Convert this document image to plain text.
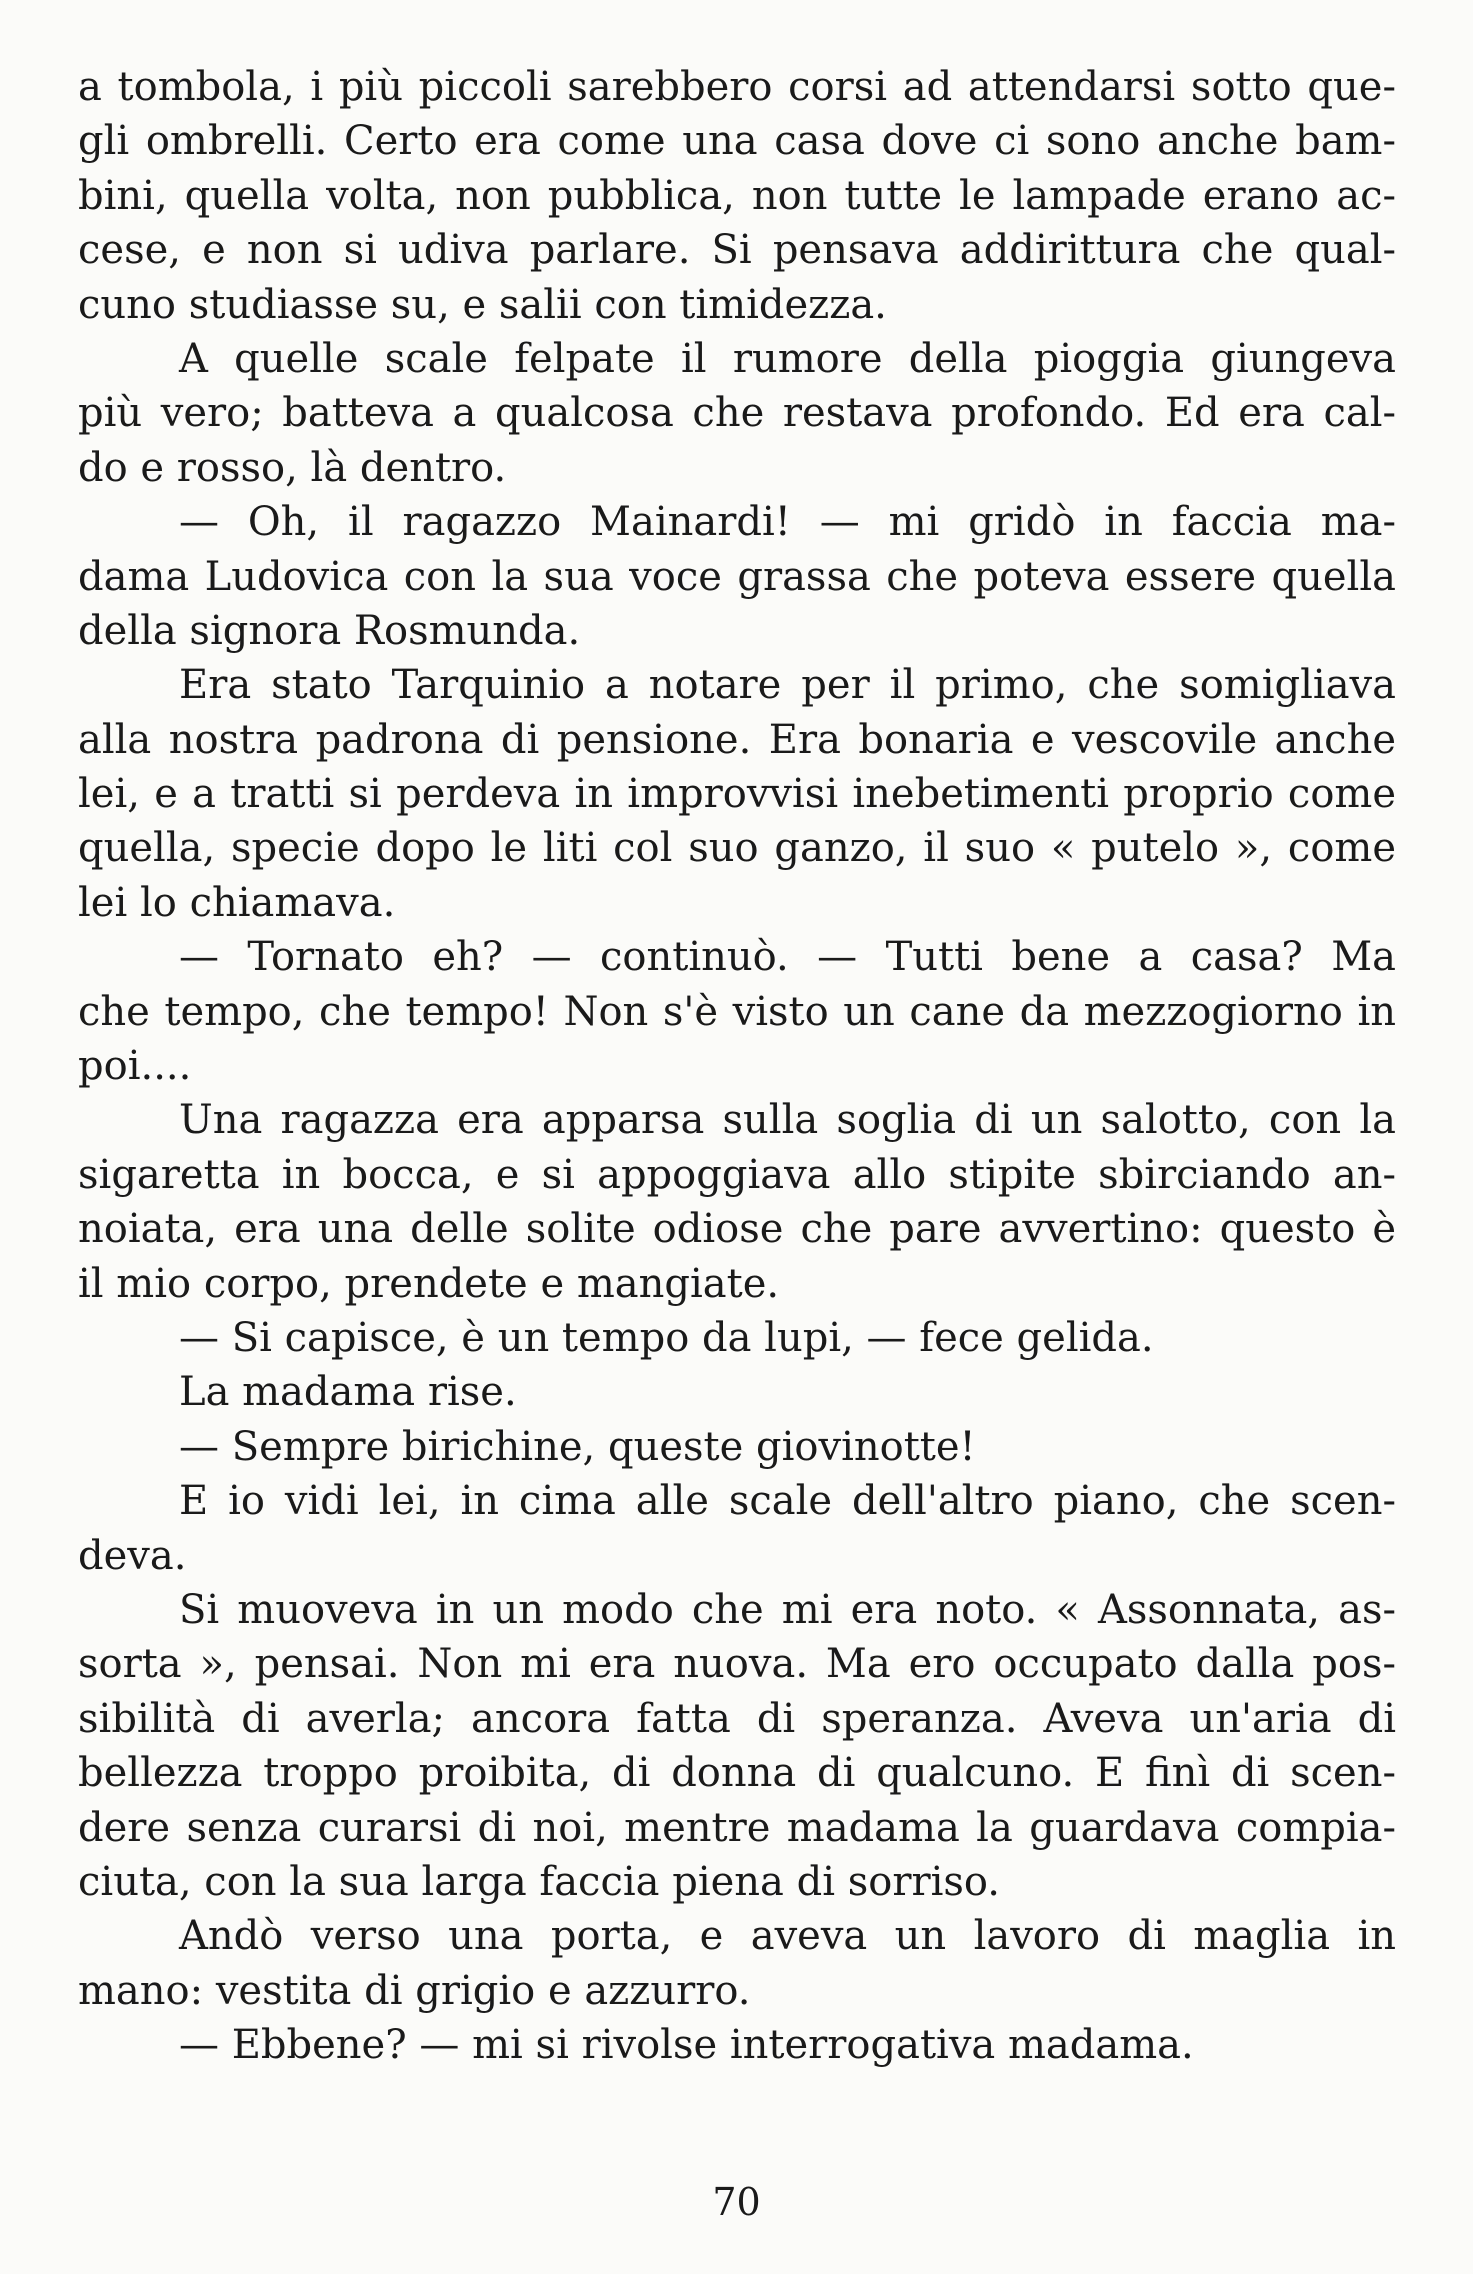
a tombola, i più piccoli sarebbero corsi ad attendarsi sotto que-
gli ombrelli. Certo era come una casa dove ci sono anche bam-
bini, quella volta, non pubblica, non tutte le lampade erano ac-
cese, e non si udiva parlare. Si pensava addirittura che qual-
cuno studiasse su, e salii con timidezza.
A quelle scale felpate il rumore della pioggia giungeva
più vero; batteva a qualcosa che restava profondo. Ed era cal-
do e rosso, là dentro.
— Oh, il ragazzo Mainardi! — mi gridò in faccia ma-
dama Ludovica con la sua voce grassa che poteva essere quella
della signora Rosmunda.
Era stato Tarquinio a notare per il primo, che somigliava
alla nostra padrona di pensione. Era bonaria e vescovile anche
lei, e a tratti si perdeva in improvvisi inebetimenti proprio come
quella, specie dopo le liti col suo ganzo, il suo « putelo », come
lei lo chiamava.
— Tornato eh? — continuò. — Tutti bene a casa? Ma
che tempo, che tempo! Non s'è visto un cane da mezzogiorno in
poi....
Una ragazza era apparsa sulla soglia di un salotto, con la
sigaretta in bocca, e si appoggiava allo stipite sbirciando an-
noiata, era una delle solite odiose che pare avvertino: questo è
il mio corpo, prendete e mangiate.
— Si capisce, è un tempo da lupi, — fece gelida.
La madama rise.
— Sempre birichine, queste giovinotte!
E io vidi lei, in cima alle scale dell'altro piano, che scen-
deva.
Si muoveva in un modo che mi era noto. « Assonnata, as-
sorta », pensai. Non mi era nuova. Ma ero occupato dalla pos-
sibilità di averla; ancora fatta di speranza. Aveva un'aria di
bellezza troppo proibita, di donna di qualcuno. E finì di scen-
dere senza curarsi di noi, mentre madama la guardava compia-
ciuta, con la sua larga faccia piena di sorriso.
Andò verso una porta, e aveva un lavoro di maglia in
mano: vestita di grigio e azzurro.
— Ebbene? — mi si rivolse interrogativa madama.
70
